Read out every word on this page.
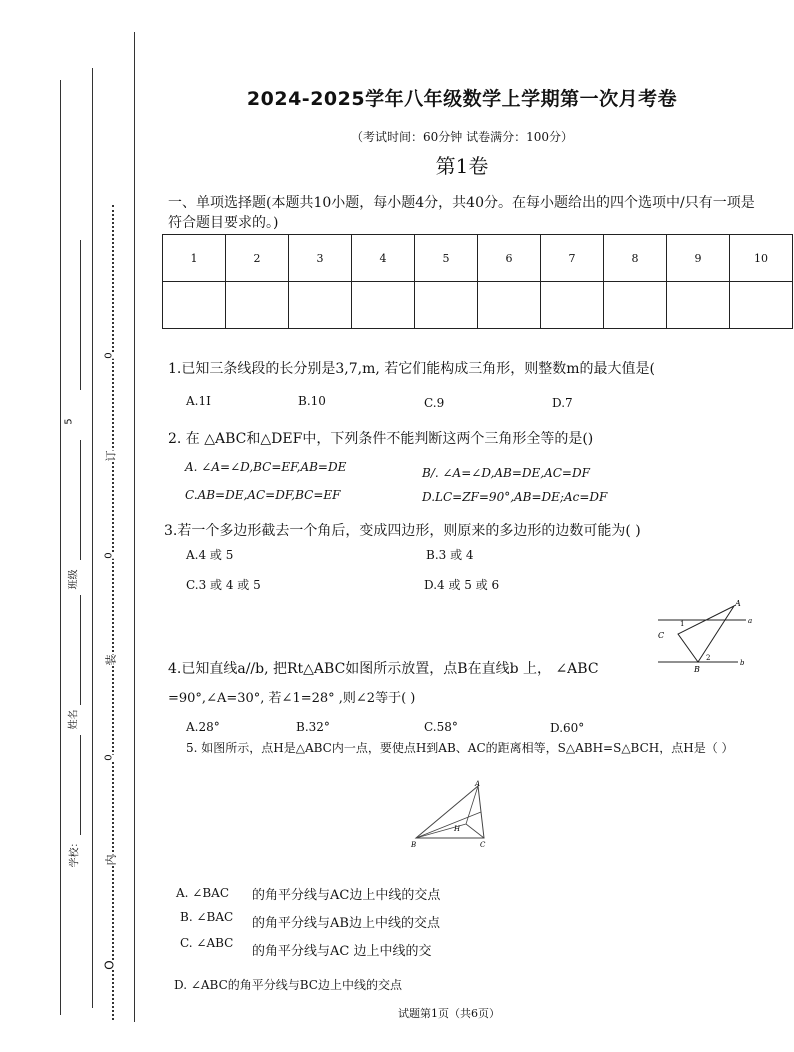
0
订
0
装
0
内
O
5
班级
姓名
学校：
2024-2025学年八年级数学上学期第一次月考卷
（考试时间：60分钟 试卷满分：100分）
第1卷
一、单项选择题(本题共10小题，每小题4分，共40分。在每小题给出的四个选项中/只有一项是符合题目要求的。)
1	2	3	4	5	6	7	8	9	10

1.已知三条线段的长分别是3,7,m, 若它们能构成三角形，则整数m的最大值是(
A.1I	B.10	C.9	D.7
2. 在 △ABC和△DEF中，下列条件不能判断这两个三角形全等的是()
A. ∠A=∠D,BC=EF,AB=DE	B/. ∠A=∠D,AB=DE,AC=DF
C.AB=DE,AC=DF,BC=EF	D.LC=ZF=90°,AB=DE;Ac=DF
3.若一个多边形截去一个角后，变成四边形，则原来的多边形的边数可能为( )
A.4 或 5	B.3 或 4
C.3 或 4 或 5	D.4 或 5 或 6
A
a
C
1
2
b
B
4.已知直线a//b, 把Rt△ABC如图所示放置，点B在直线b 上， ∠ABC
=90°,∠A=30°, 若∠1=28° ,则∠2等于( )
A.28°	B.32°	C.58°	D.60°
5. 如图所示，点H是△ABC内一点，要使点H到AB、AC的距离相等，S△ABH=S△BCH，点H是（ ）
A
H
B	C
A. ∠BAC 的角平分线与AC边上中线的交点
B. ∠BAC 的角平分线与AB边上中线的交点
C. ∠ABC
的角平分线与AC 边上中线的交
D. ∠ABC的角平分线与BC边上中线的交点
试题第1页（共6页）
